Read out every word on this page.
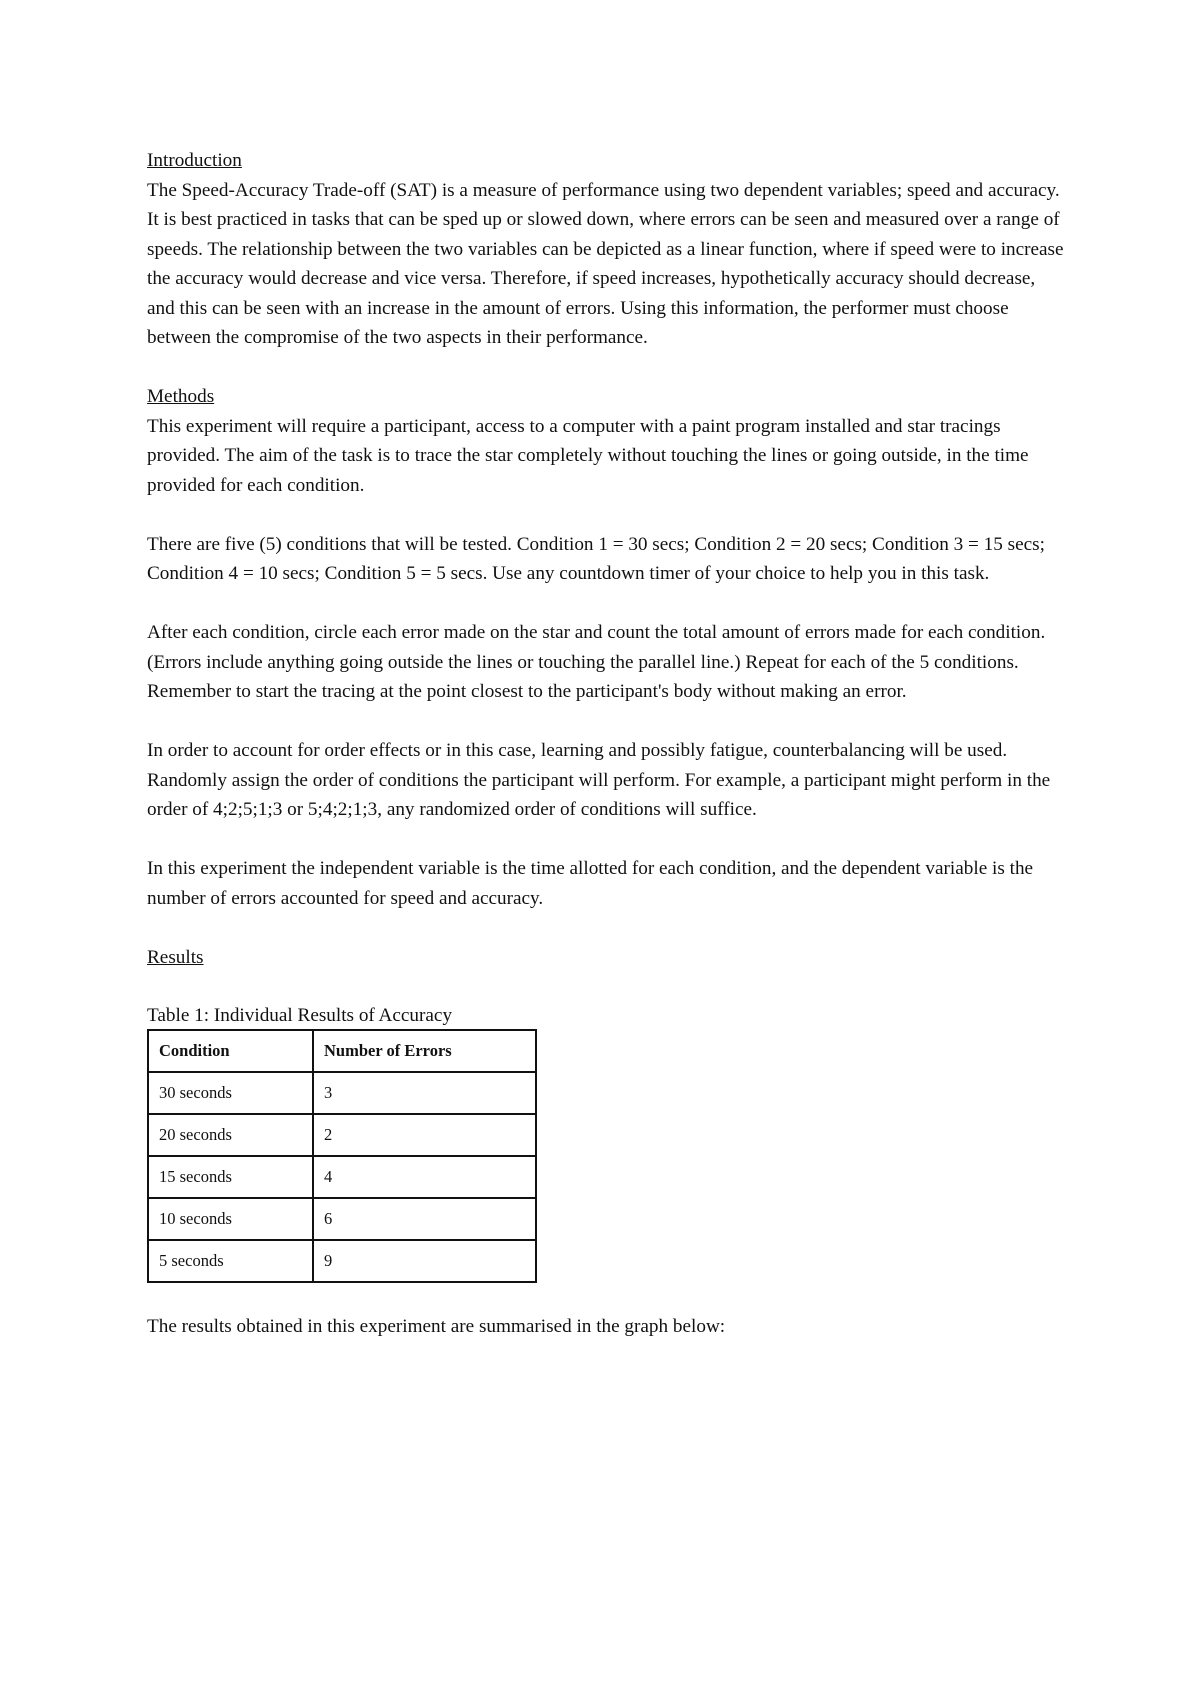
Introduction

The Speed-Accuracy Trade-off (SAT) is a measure of performance using two dependent variables; speed and accuracy. It is best practiced in tasks that can be sped up or slowed down, where errors can be seen and measured over a range of speeds. The relationship between the two variables can be depicted as a linear function, where if speed were to increase the accuracy would decrease and vice versa. Therefore, if speed increases, hypothetically accuracy should decrease, and this can be seen with an increase in the amount of errors. Using this information, the performer must choose between the compromise of the two aspects in their performance.

Methods

This experiment will require a participant, access to a computer with a paint program installed and star tracings provided. The aim of the task is to trace the star completely without touching the lines or going outside, in the time provided for each condition.

There are five (5) conditions that will be tested. Condition 1 = 30 secs; Condition 2 = 20 secs; Condition 3 = 15 secs; Condition 4 = 10 secs; Condition 5 = 5 secs. Use any countdown timer of your choice to help you in this task.

After each condition, circle each error made on the star and count the total amount of errors made for each condition. (Errors include anything going outside the lines or touching the parallel line.) Repeat for each of the 5 conditions. Remember to start the tracing at the point closest to the participant's body without making an error.

In order to account for order effects or in this case, learning and possibly fatigue, counterbalancing will be used. Randomly assign the order of conditions the participant will perform. For example, a participant might perform in the order of 4;2;5;1;3 or 5;4;2;1;3, any randomized order of conditions will suffice.

In this experiment the independent variable is the time allotted for each condition, and the dependent variable is the number of errors accounted for speed and accuracy.

Results

Table 1: Individual Results of Accuracy

Condition	Number of Errors
30 seconds	3
20 seconds	2
15 seconds	4
10 seconds	6
5 seconds	9

The results obtained in this experiment are summarised in the graph below:
